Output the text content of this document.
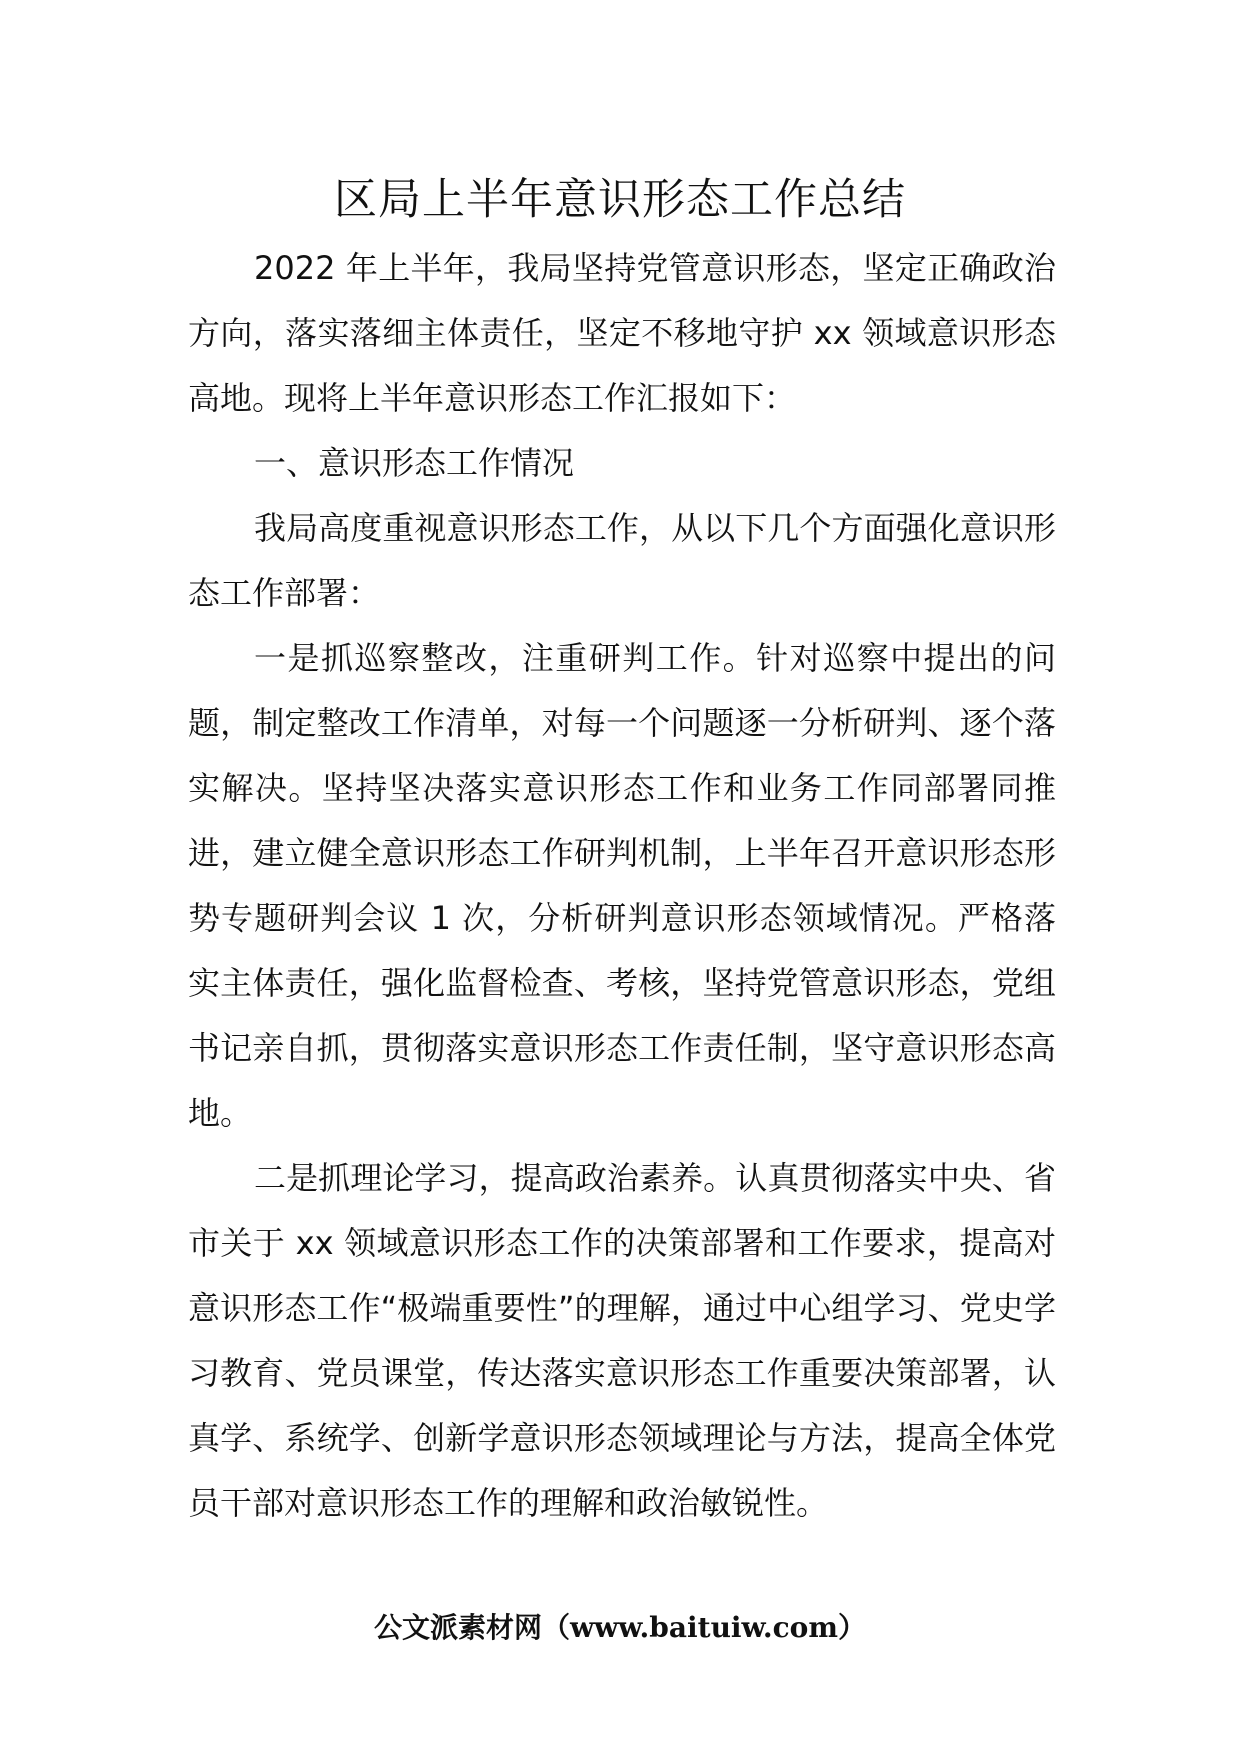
区局上半年意识形态工作总结

2022 年上半年，我局坚持党管意识形态，坚定正确政治方向，落实落细主体责任，坚定不移地守护 xx 领域意识形态高地。现将上半年意识形态工作汇报如下：

一、意识形态工作情况

我局高度重视意识形态工作，从以下几个方面强化意识形态工作部署：

一是抓巡察整改，注重研判工作。针对巡察中提出的问题，制定整改工作清单，对每一个问题逐一分析研判、逐个落实解决。坚持坚决落实意识形态工作和业务工作同部署同推进，建立健全意识形态工作研判机制，上半年召开意识形态形势专题研判会议 1 次，分析研判意识形态领域情况。严格落实主体责任，强化监督检查、考核，坚持党管意识形态，党组书记亲自抓，贯彻落实意识形态工作责任制，坚守意识形态高地。

二是抓理论学习，提高政治素养。认真贯彻落实中央、省市关于 xx 领域意识形态工作的决策部署和工作要求，提高对意识形态工作“极端重要性”的理解，通过中心组学习、党史学习教育、党员课堂，传达落实意识形态工作重要决策部署，认真学、系统学、创新学意识形态领域理论与方法，提高全体党员干部对意识形态工作的理解和政治敏锐性。

公文派素材网（www.baituiw.com）
